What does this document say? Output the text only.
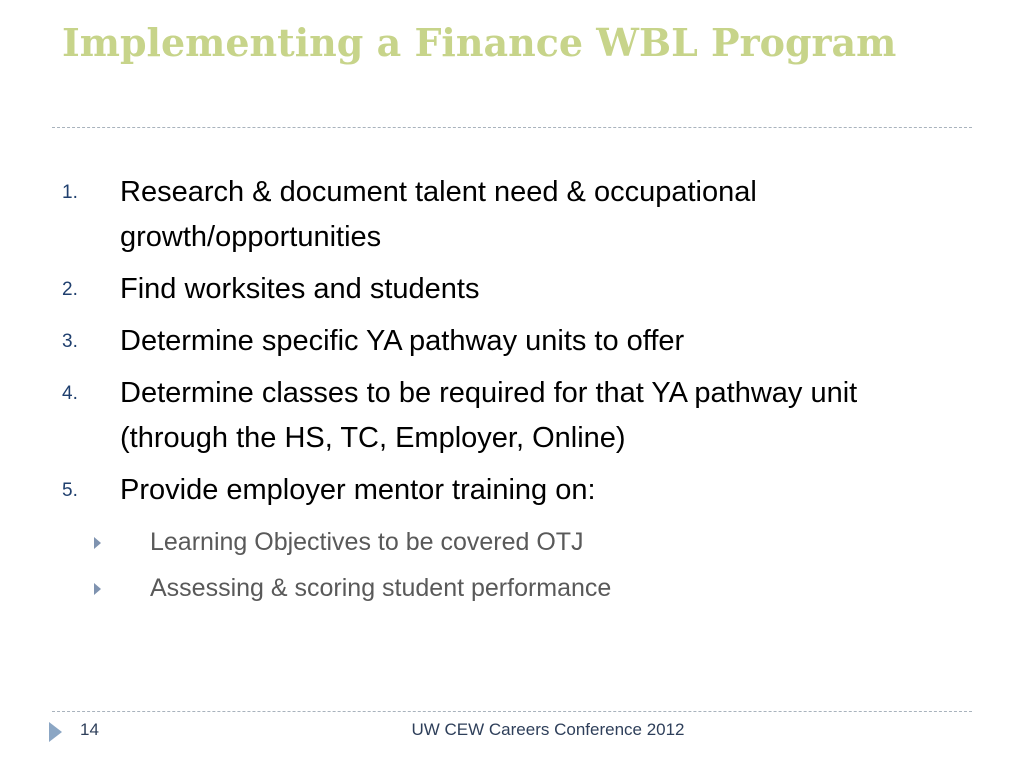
Implementing a Finance WBL Program
1. Research & document talent need & occupational growth/opportunities
2. Find worksites and students
3. Determine specific YA pathway units to offer
4. Determine classes to be required for that YA pathway unit (through the HS, TC, Employer, Online)
5. Provide employer mentor training on:
Learning Objectives to be covered OTJ
Assessing & scoring student performance
14	UW CEW Careers Conference 2012
